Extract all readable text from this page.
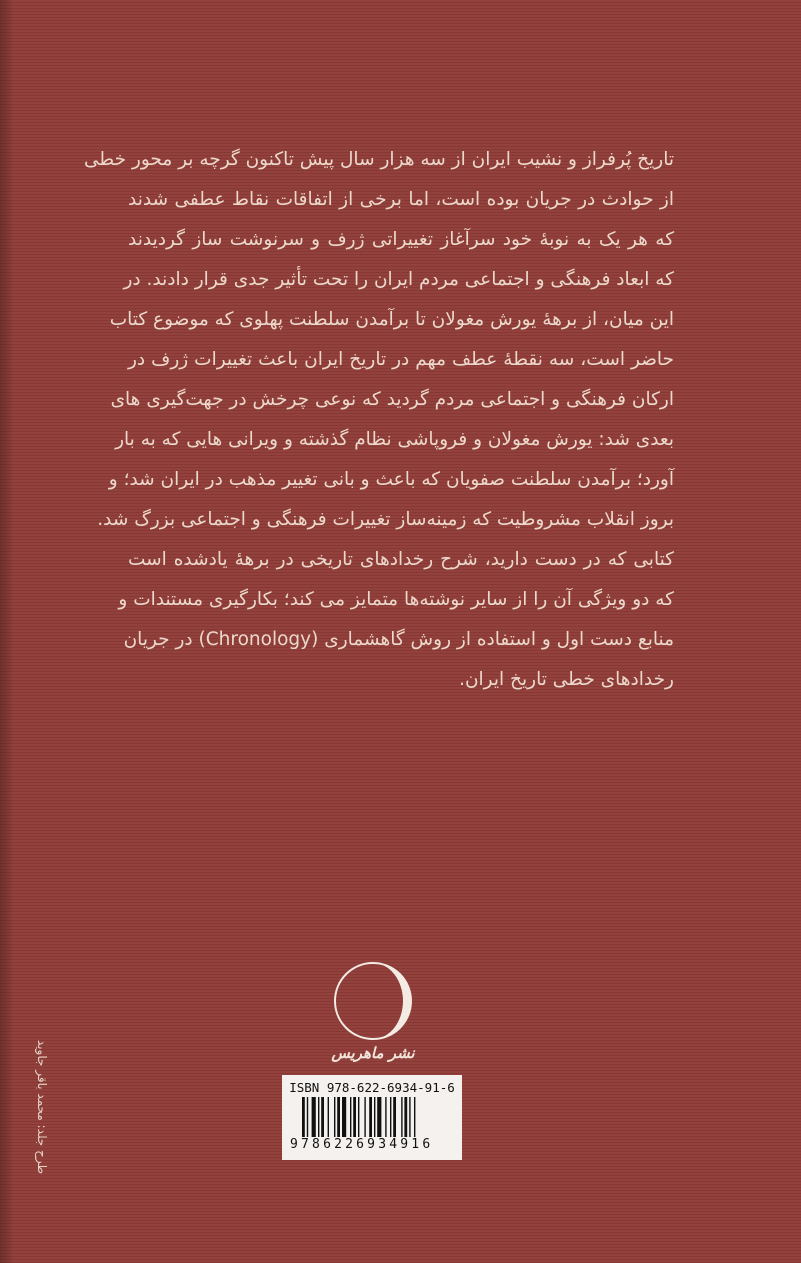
تاریخ پُرفراز و نشیب ایران از سه هزار سال پیش تاکنون گرچه بر محور خطی
از حوادث در جریان بوده است، اما برخی از اتفاقات نقاط عطفی شدند
که هر یک به نوبهٔ خود سرآغاز تغییراتی ژرف و سرنوشت ساز گردیدند
که ابعاد فرهنگی و اجتماعی مردم ایران را تحت تأثیر جدی قرار دادند. در
این میان، از برههٔ یورش مغولان تا برآمدن سلطنت پهلوی که موضوع کتاب
حاضر است، سه نقطهٔ عطف مهم در تاریخ ایران باعث تغییرات ژرف در
ارکان فرهنگی و اجتماعی مردم گردید که نوعی چرخش در جهت‌گیری های
بعدی شد: یورش مغولان و فروپاشی نظام گذشته و ویرانی هایی که به بار
آورد؛ برآمدن سلطنت صفویان که باعث و بانی تغییر مذهب در ایران شد؛ و
بروز انقلاب مشروطیت که زمینه‌ساز تغییرات فرهنگی و اجتماعی بزرگ شد.
کتابی که در دست دارید، شرح رخدادهای تاریخی در برههٔ یادشده است
که دو ویژگی آن را از سایر نوشته‌ها متمایز می کند؛ بکارگیری مستندات و
منابع دست اول و استفاده از روش گاهشماری (Chronology) در جریان
رخدادهای خطی تاریخ ایران.
نشر ماهریس
ISBN 978-622-6934-91-6
9786226934916
طرح جلد: محمد باقر جاوید
